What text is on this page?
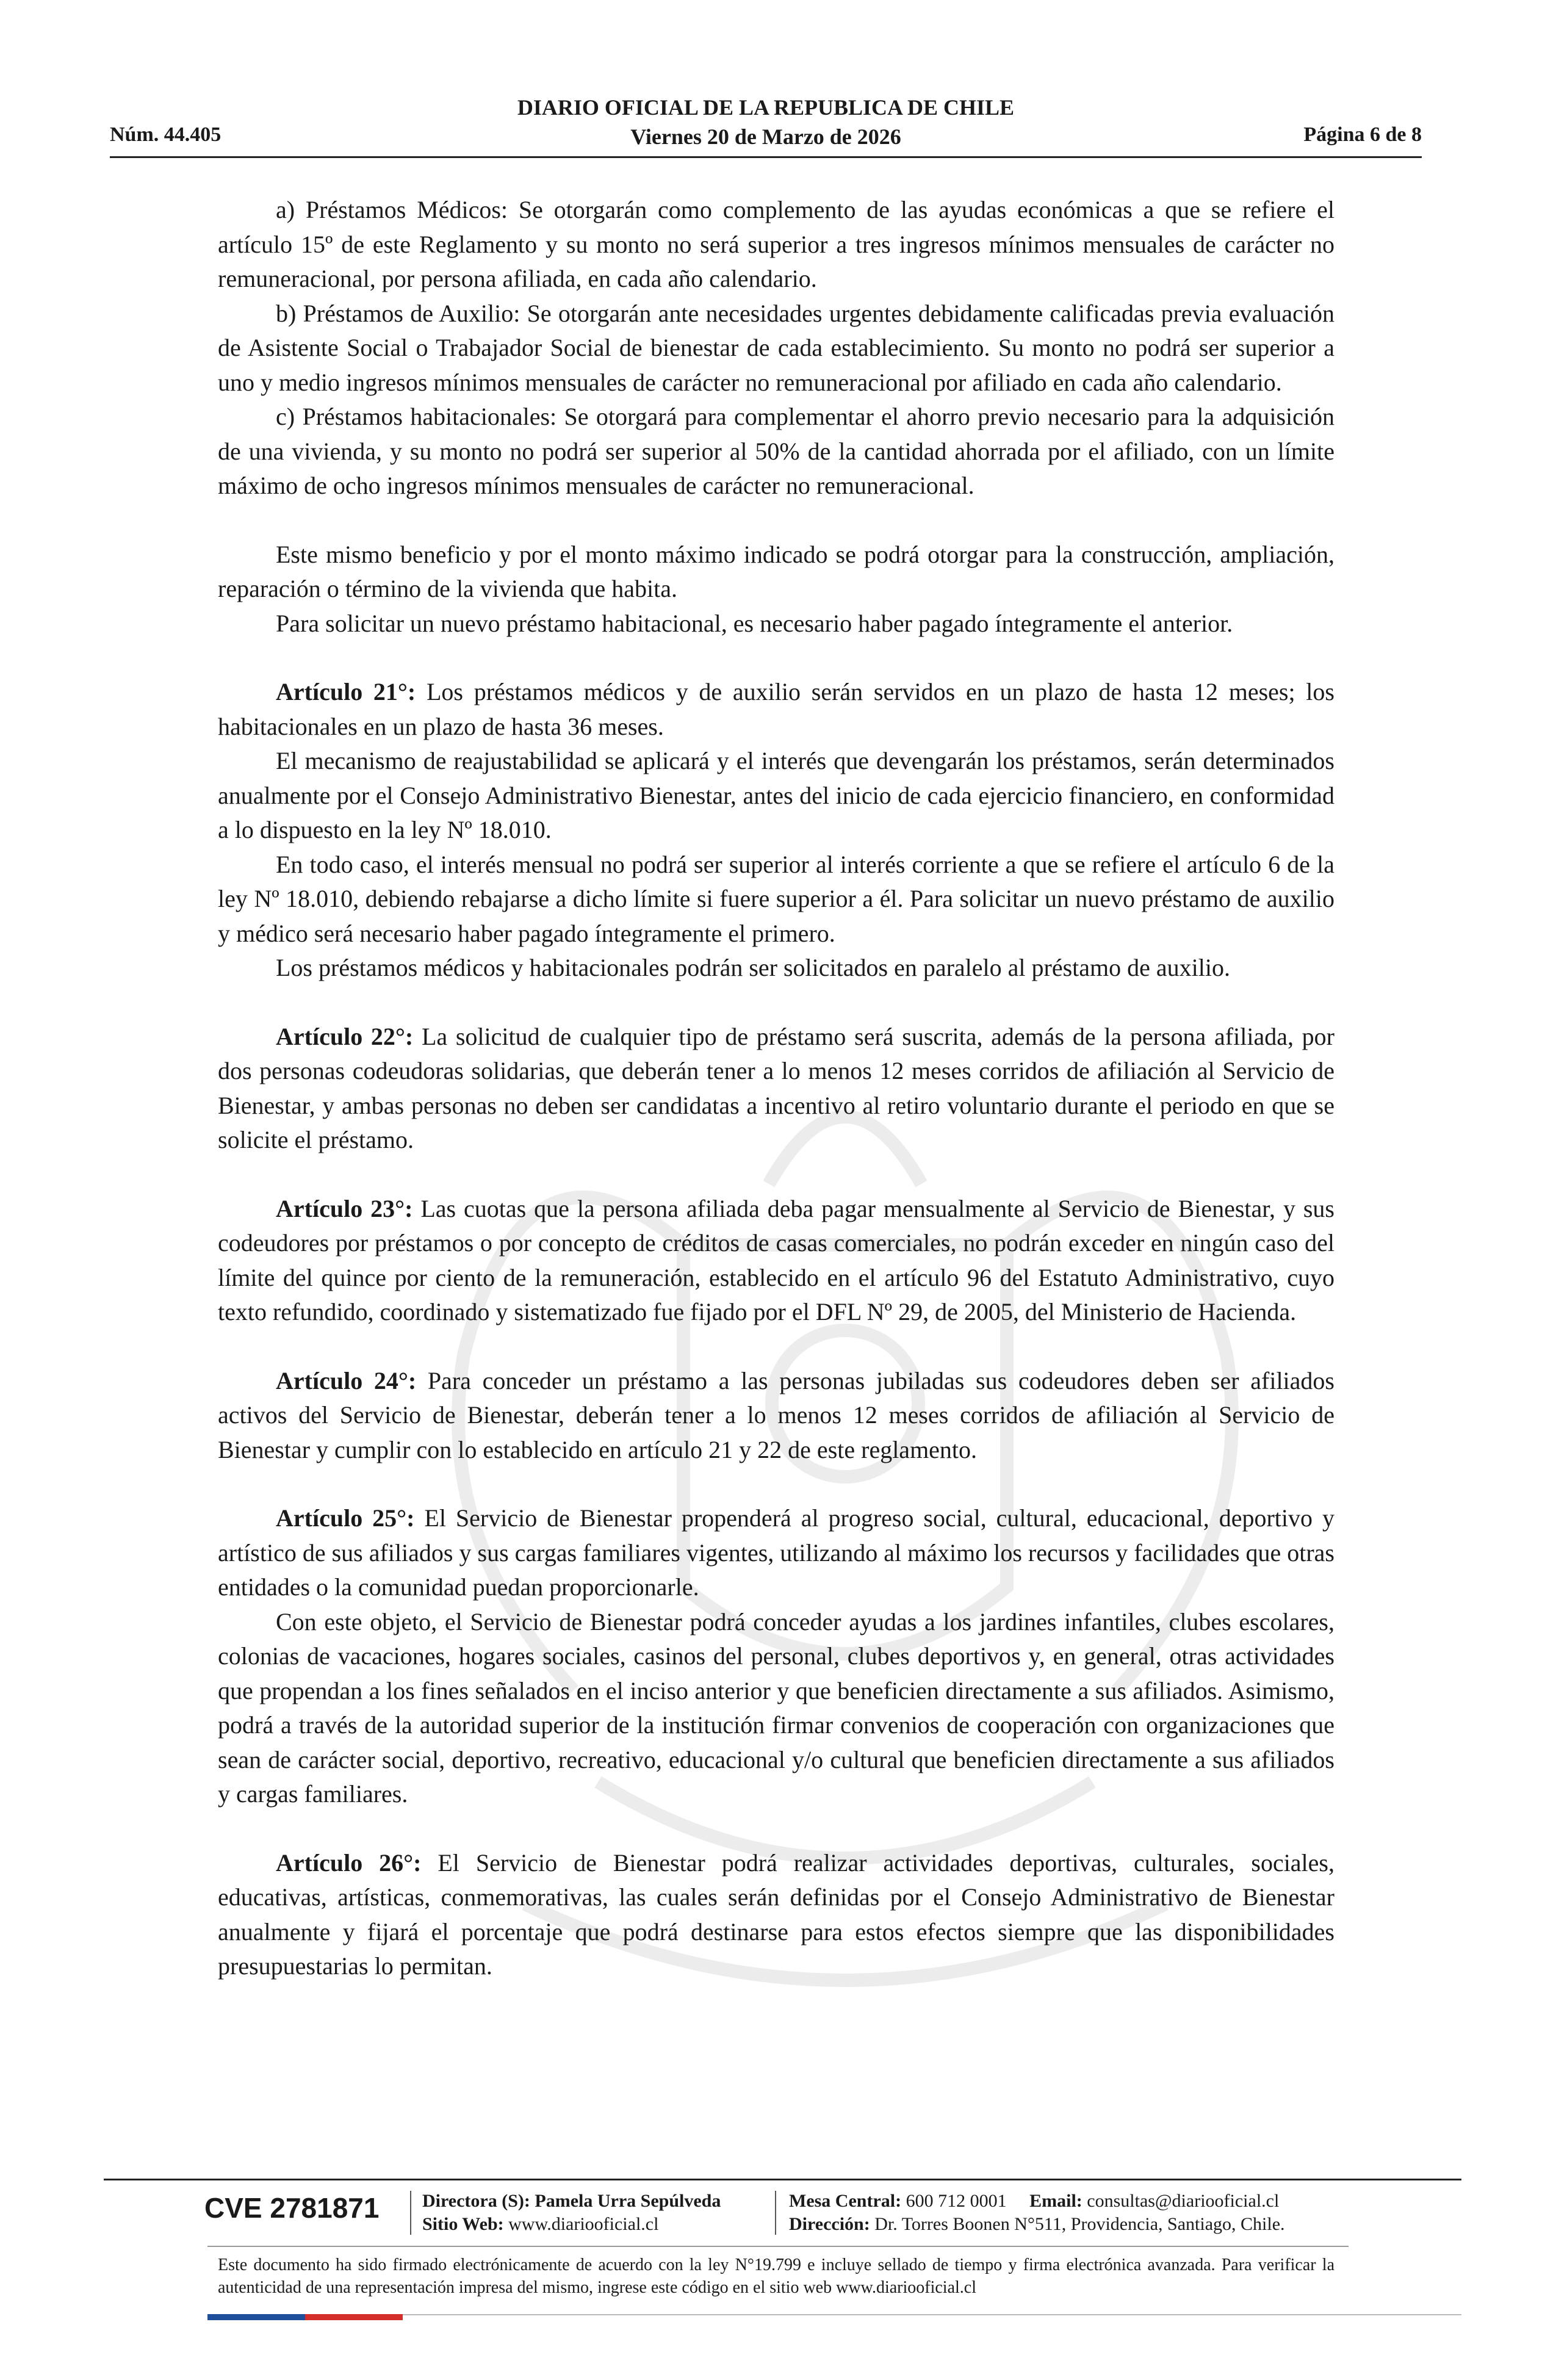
Núm. 44.405
DIARIO OFICIAL DE LA REPUBLICA DE CHILE
Viernes 20 de Marzo de 2026	Página 6 de 8

a) Préstamos Médicos: Se otorgarán como complemento de las ayudas económicas a que se refiere el artículo 15º de este Reglamento y su monto no será superior a tres ingresos mínimos mensuales de carácter no remuneracional, por persona afiliada, en cada año calendario.

b) Préstamos de Auxilio: Se otorgarán ante necesidades urgentes debidamente calificadas previa evaluación de Asistente Social o Trabajador Social de bienestar de cada establecimiento. Su monto no podrá ser superior a uno y medio ingresos mínimos mensuales de carácter no remuneracional por afiliado en cada año calendario.

c) Préstamos habitacionales: Se otorgará para complementar el ahorro previo necesario para la adquisición de una vivienda, y su monto no podrá ser superior al 50% de la cantidad ahorrada por el afiliado, con un límite máximo de ocho ingresos mínimos mensuales de carácter no remuneracional.

Este mismo beneficio y por el monto máximo indicado se podrá otorgar para la construcción, ampliación, reparación o término de la vivienda que habita.

Para solicitar un nuevo préstamo habitacional, es necesario haber pagado íntegramente el anterior.

Artículo 21°: Los préstamos médicos y de auxilio serán servidos en un plazo de hasta 12 meses; los habitacionales en un plazo de hasta 36 meses.

El mecanismo de reajustabilidad se aplicará y el interés que devengarán los préstamos, serán determinados anualmente por el Consejo Administrativo Bienestar, antes del inicio de cada ejercicio financiero, en conformidad a lo dispuesto en la ley Nº 18.010.

En todo caso, el interés mensual no podrá ser superior al interés corriente a que se refiere el artículo 6 de la ley Nº 18.010, debiendo rebajarse a dicho límite si fuere superior a él. Para solicitar un nuevo préstamo de auxilio y médico será necesario haber pagado íntegramente el primero.

Los préstamos médicos y habitacionales podrán ser solicitados en paralelo al préstamo de auxilio.

Artículo 22°: La solicitud de cualquier tipo de préstamo será suscrita, además de la persona afiliada, por dos personas codeudoras solidarias, que deberán tener a lo menos 12 meses corridos de afiliación al Servicio de Bienestar, y ambas personas no deben ser candidatas a incentivo al retiro voluntario durante el periodo en que se solicite el préstamo.

Artículo 23°: Las cuotas que la persona afiliada deba pagar mensualmente al Servicio de Bienestar, y sus codeudores por préstamos o por concepto de créditos de casas comerciales, no podrán exceder en ningún caso del límite del quince por ciento de la remuneración, establecido en el artículo 96 del Estatuto Administrativo, cuyo texto refundido, coordinado y sistematizado fue fijado por el DFL Nº 29, de 2005, del Ministerio de Hacienda.

Artículo 24°: Para conceder un préstamo a las personas jubiladas sus codeudores deben ser afiliados activos del Servicio de Bienestar, deberán tener a lo menos 12 meses corridos de afiliación al Servicio de Bienestar y cumplir con lo establecido en artículo 21 y 22 de este reglamento.

Artículo 25°: El Servicio de Bienestar propenderá al progreso social, cultural, educacional, deportivo y artístico de sus afiliados y sus cargas familiares vigentes, utilizando al máximo los recursos y facilidades que otras entidades o la comunidad puedan proporcionarle.

Con este objeto, el Servicio de Bienestar podrá conceder ayudas a los jardines infantiles, clubes escolares, colonias de vacaciones, hogares sociales, casinos del personal, clubes deportivos y, en general, otras actividades que propendan a los fines señalados en el inciso anterior y que beneficien directamente a sus afiliados. Asimismo, podrá a través de la autoridad superior de la institución firmar convenios de cooperación con organizaciones que sean de carácter social, deportivo, recreativo, educacional y/o cultural que beneficien directamente a sus afiliados y cargas familiares.

Artículo 26°: El Servicio de Bienestar podrá realizar actividades deportivas, culturales, sociales, educativas, artísticas, conmemorativas, las cuales serán definidas por el Consejo Administrativo de Bienestar anualmente y fijará el porcentaje que podrá destinarse para estos efectos siempre que las disponibilidades presupuestarias lo permitan.

CVE 2781871 Directora (S): Pamela Urra Sepúlveda
Sitio Web: www.diariooficial.cl
Mesa Central: 600 712 0001 Email: consultas@diariooficial.cl
Dirección: Dr. Torres Boonen N°511, Providencia, Santiago, Chile.
Este documento ha sido firmado electrónicamente de acuerdo con la ley N°19.799 e incluye sellado de tiempo y firma electrónica avanzada. Para verificar la autenticidad de una representación impresa del mismo, ingrese este código en el sitio web www.diariooficial.cl
